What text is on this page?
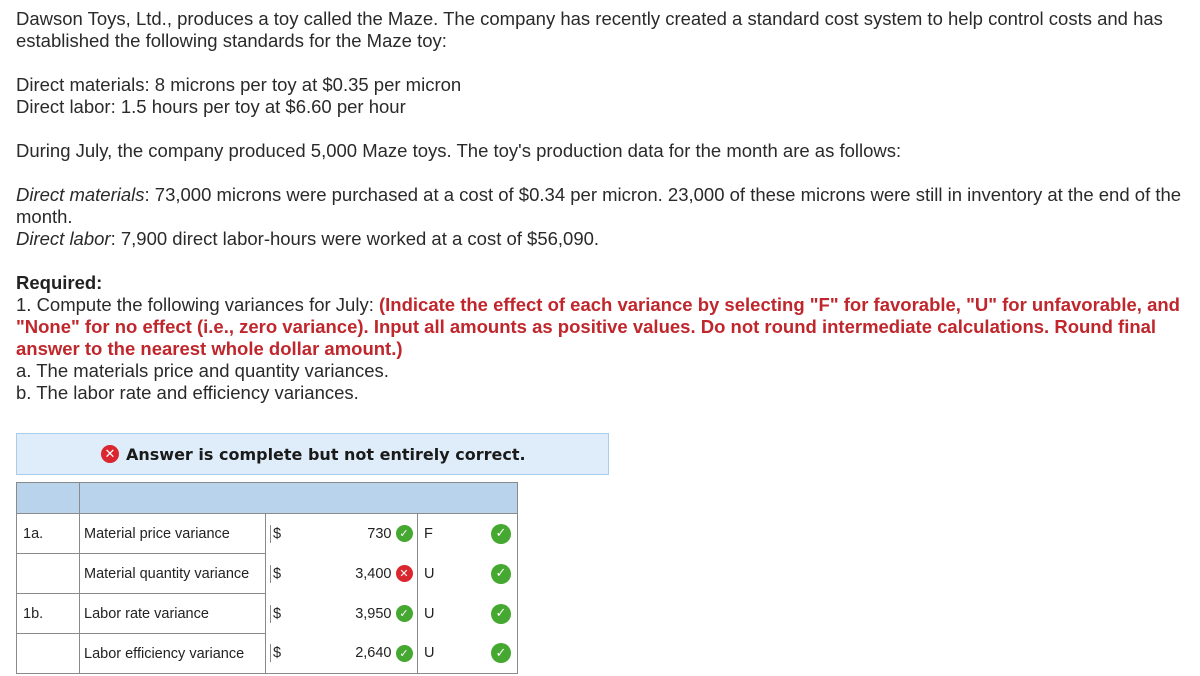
Dawson Toys, Ltd., produces a toy called the Maze. The company has recently created a standard cost system to help control costs and has established the following standards for the Maze toy:

Direct materials: 8 microns per toy at $0.35 per micron

Direct labor: 1.5 hours per toy at $6.60 per hour

During July, the company produced 5,000 Maze toys. The toy's production data for the month are as follows:

Direct materials: 73,000 microns were purchased at a cost of $0.34 per micron. 23,000 of these microns were still in inventory at the end of the month.

Direct labor: 7,900 direct labor-hours were worked at a cost of $56,090.

Required:

1. Compute the following variances for July: (Indicate the effect of each variance by selecting "F" for favorable, "U" for unfavorable, and "None" for no effect (i.e., zero variance). Input all amounts as positive values. Do not round intermediate calculations. Round final answer to the nearest whole dollar amount.)

a. The materials price and quantity variances.

b. The labor rate and efficiency variances.

✕ Answer is complete but not entirely correct.

1a.	Material price variance	$	730	✓	F	✓
	Material quantity variance	$	3,400	✕	U	✓
1b.	Labor rate variance	$	3,950	✓	U	✓
	Labor efficiency variance	$	2,640	✓	U	✓
